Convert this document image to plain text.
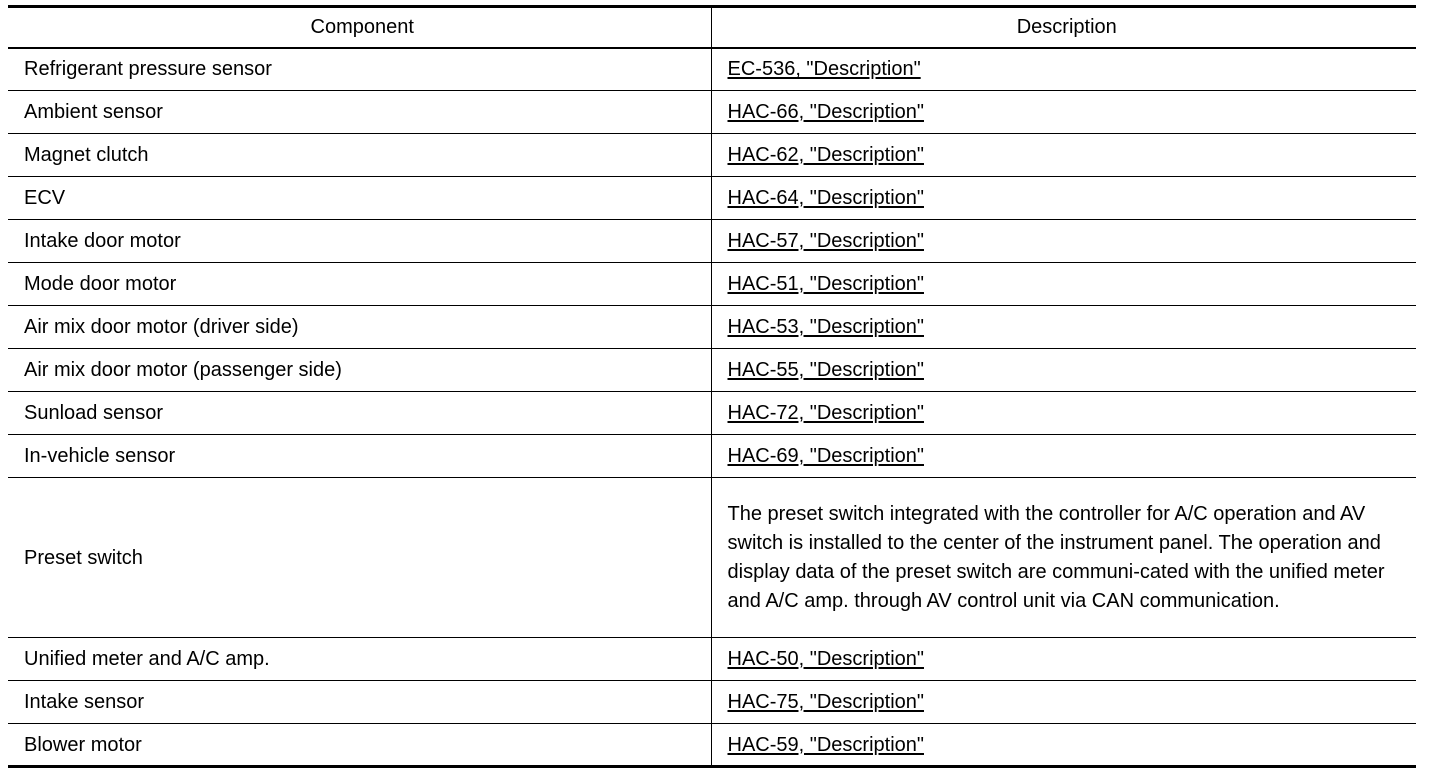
Component	Description
Refrigerant pressure sensor	EC-536, "Description"
Ambient sensor	HAC-66, "Description"
Magnet clutch	HAC-62, "Description"
ECV	HAC-64, "Description"
Intake door motor	HAC-57, "Description"
Mode door motor	HAC-51, "Description"
Air mix door motor (driver side)	HAC-53, "Description"
Air mix door motor (passenger side)	HAC-55, "Description"
Sunload sensor	HAC-72, "Description"
In-vehicle sensor	HAC-69, "Description"
Preset switch	The preset switch integrated with the controller for A/C operation and AV switch is installed to the center of the instrument panel. The operation and display data of the preset switch are communi-cated with the unified meter and A/C amp. through AV control unit via CAN communication.

Unified meter and A/C amp.	HAC-50, "Description"
Intake sensor	HAC-75, "Description"
Blower motor	HAC-59, "Description"
